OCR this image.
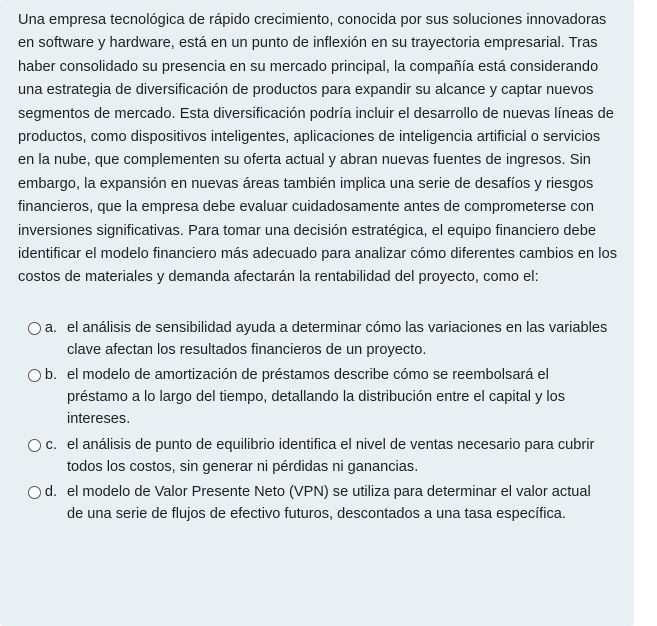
Una empresa tecnológica de rápido crecimiento, conocida por sus soluciones innovadoras en software y hardware, está en un punto de inflexión en su trayectoria empresarial. Tras haber consolidado su presencia en su mercado principal, la compañía está considerando una estrategia de diversificación de productos para expandir su alcance y captar nuevos segmentos de mercado. Esta diversificación podría incluir el desarrollo de nuevas líneas de productos, como dispositivos inteligentes, aplicaciones de inteligencia artificial o servicios en la nube, que complementen su oferta actual y abran nuevas fuentes de ingresos. Sin embargo, la expansión en nuevas áreas también implica una serie de desafíos y riesgos financieros, que la empresa debe evaluar cuidadosamente antes de comprometerse con inversiones significativas. Para tomar una decisión estratégica, el equipo financiero debe identificar el modelo financiero más adecuado para analizar cómo diferentes cambios en los costos de materiales y demanda afectarán la rentabilidad del proyecto, como el:

a. el análisis de sensibilidad ayuda a determinar cómo las variaciones en las variables clave afectan los resultados financieros de un proyecto.
b. el modelo de amortización de préstamos describe cómo se reembolsará el préstamo a lo largo del tiempo, detallando la distribución entre el capital y los intereses.
c. el análisis de punto de equilibrio identifica el nivel de ventas necesario para cubrir todos los costos, sin generar ni pérdidas ni ganancias.
d. el modelo de Valor Presente Neto (VPN) se utiliza para determinar el valor actual de una serie de flujos de efectivo futuros, descontados a una tasa específica.
